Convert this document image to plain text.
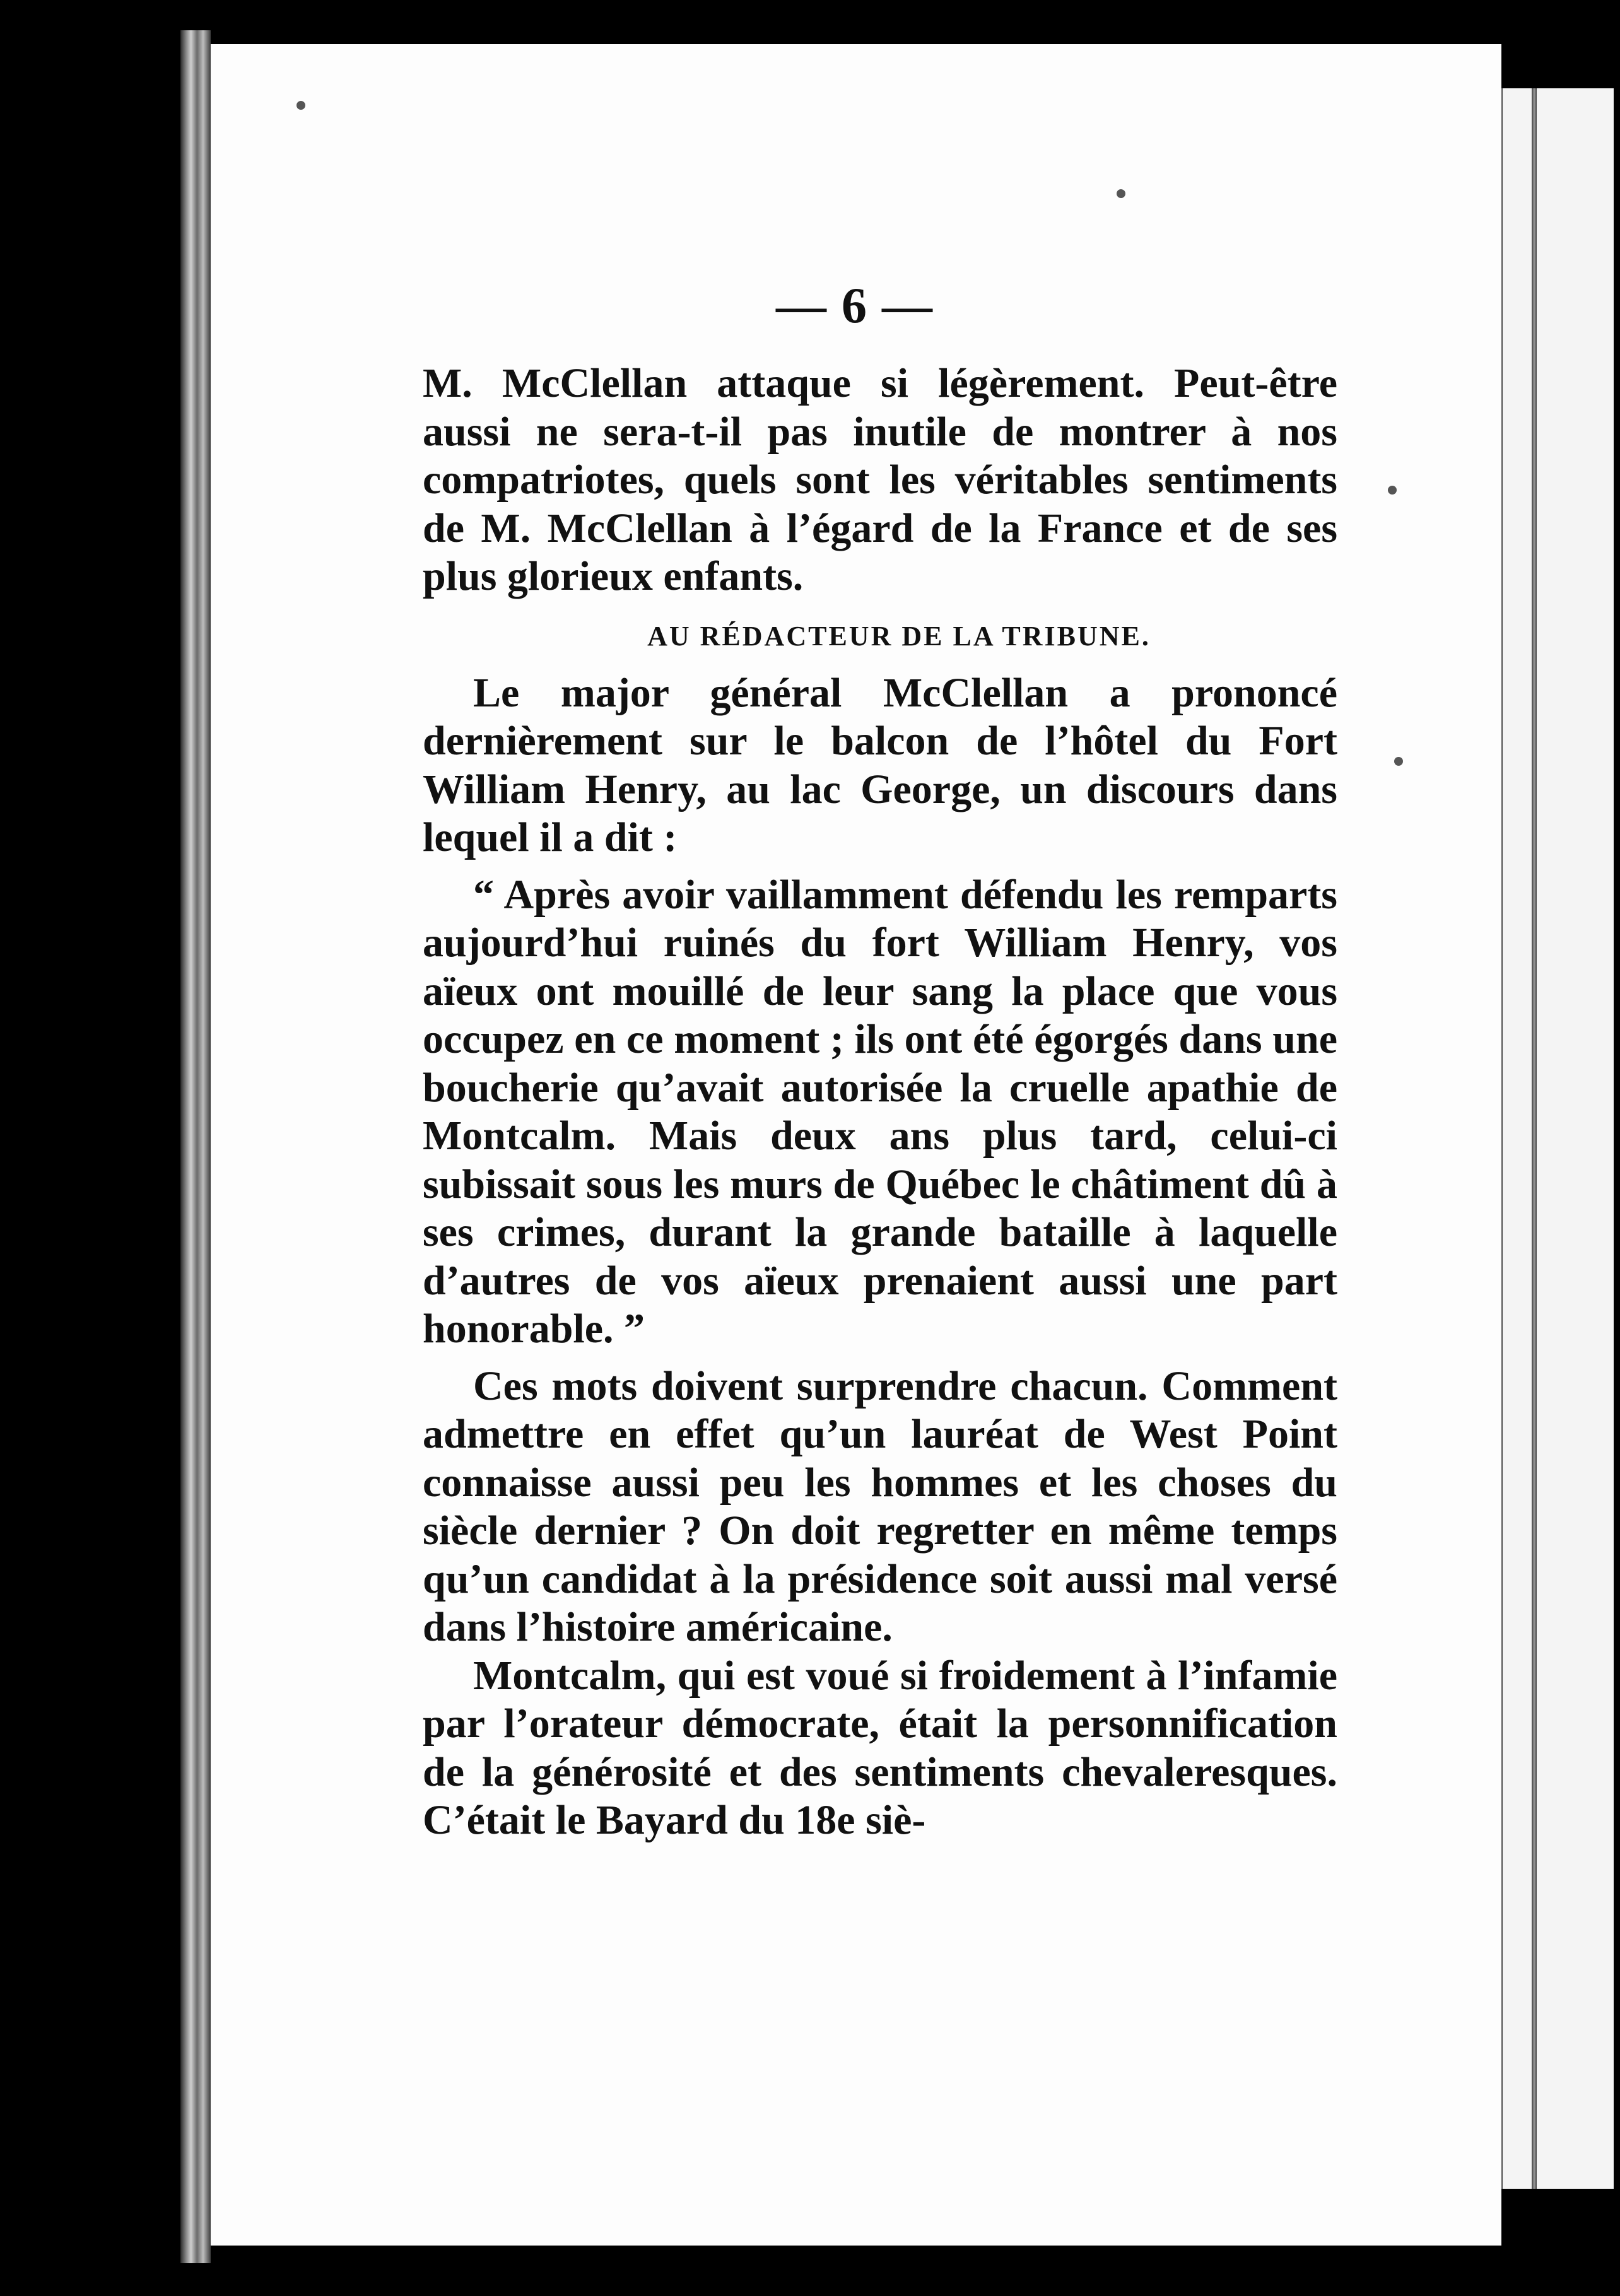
— 6 —

M. McClellan attaque si légèrement. Peut-être aussi ne sera-t-il pas inutile de montrer à nos compatriotes, quels sont les véritables sentiments de M. McClellan à l’égard de la France et de ses plus glorieux enfants.

AU RÉDACTEUR DE LA TRIBUNE.

Le major général McClellan a prononcé dernièrement sur le balcon de l’hôtel du Fort William Henry, au lac George, un discours dans lequel il a dit :

“ Après avoir vaillamment défendu les remparts aujourd’hui ruinés du fort William Henry, vos aïeux ont mouillé de leur sang la place que vous occupez en ce moment ; ils ont été égorgés dans une boucherie qu’avait autorisée la cruelle apathie de Montcalm. Mais deux ans plus tard, celui-ci subissait sous les murs de Québec le châtiment dû à ses crimes, durant la grande bataille à laquelle d’autres de vos aïeux prenaient aussi une part honorable. ”

Ces mots doivent surprendre chacun. Comment admettre en effet qu’un lauréat de West Point connaisse aussi peu les hommes et les choses du siècle dernier ? On doit regretter en même temps qu’un candidat à la présidence soit aussi mal versé dans l’histoire américaine.

Montcalm, qui est voué si froidement à l’infamie par l’orateur démocrate, était la personnification de la générosité et des sentiments chevaleresques. C’était le Bayard du 18e siè-
